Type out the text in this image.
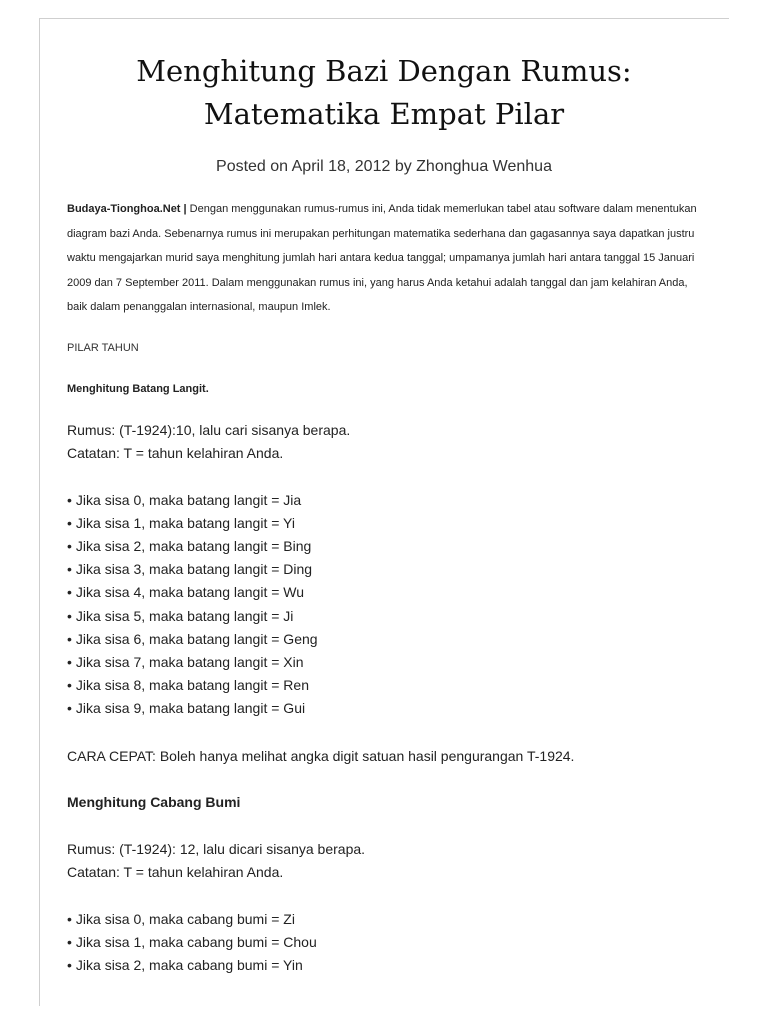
Menghitung Bazi Dengan Rumus: Matematika Empat Pilar

Posted on April 18, 2012 by Zhonghua Wenhua

Budaya-Tionghoa.Net | Dengan menggunakan rumus-rumus ini, Anda tidak memerlukan tabel atau software dalam menentukan diagram bazi Anda. Sebenarnya rumus ini merupakan perhitungan matematika sederhana dan gagasannya saya dapatkan justru waktu mengajarkan murid saya menghitung jumlah hari antara kedua tanggal; umpamanya jumlah hari antara tanggal 15 Januari 2009 dan 7 September 2011. Dalam menggunakan rumus ini, yang harus Anda ketahui adalah tanggal dan jam kelahiran Anda, baik dalam penanggalan internasional, maupun Imlek.

PILAR TAHUN

Menghitung Batang Langit.

Rumus: (T-1924):10, lalu cari sisanya berapa.

Catatan: T = tahun kelahiran Anda.

• Jika sisa 0, maka batang langit = Jia
• Jika sisa 1, maka batang langit = Yi
• Jika sisa 2, maka batang langit = Bing
• Jika sisa 3, maka batang langit = Ding
• Jika sisa 4, maka batang langit = Wu
• Jika sisa 5, maka batang langit = Ji
• Jika sisa 6, maka batang langit = Geng
• Jika sisa 7, maka batang langit = Xin
• Jika sisa 8, maka batang langit = Ren
• Jika sisa 9, maka batang langit = Gui

CARA CEPAT: Boleh hanya melihat angka digit satuan hasil pengurangan T-1924.

Menghitung Cabang Bumi

Rumus: (T-1924): 12, lalu dicari sisanya berapa.

Catatan: T = tahun kelahiran Anda.

• Jika sisa 0, maka cabang bumi = Zi
• Jika sisa 1, maka cabang bumi = Chou
• Jika sisa 2, maka cabang bumi = Yin
